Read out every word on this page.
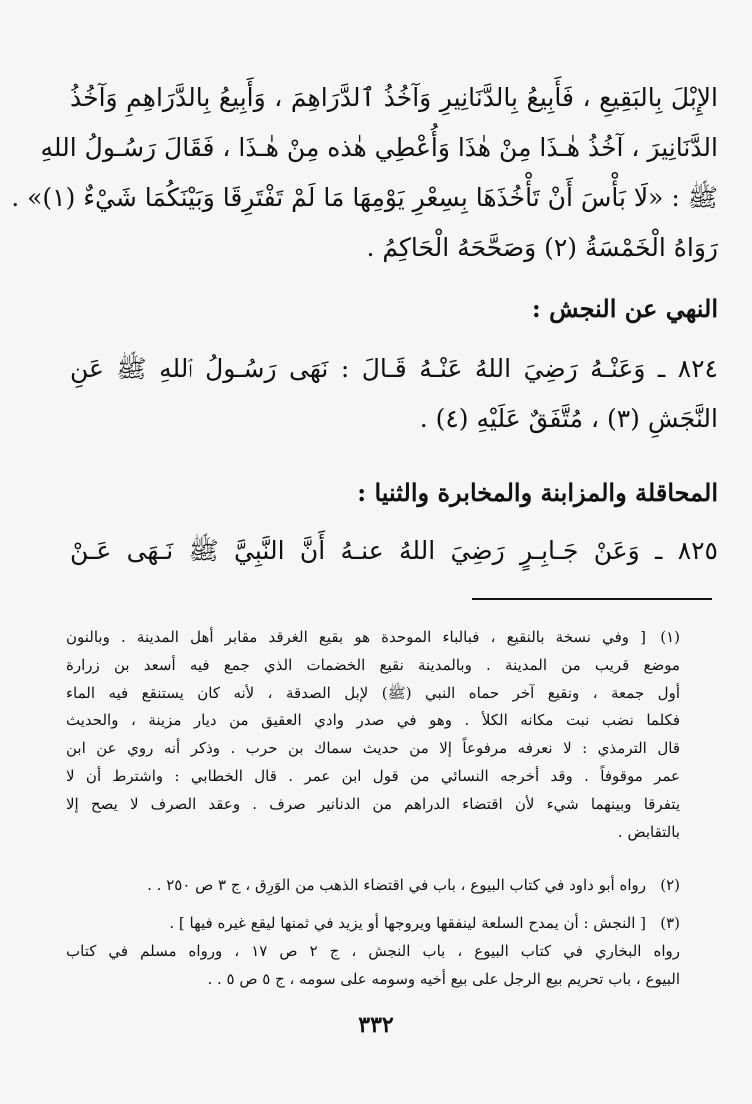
الإِبْلَ بِالبَقِيعِ ، فَأَبِيعُ بِالدَّنَانِيرِ وَآخُذُ ٱلدَّرَاهِمَ ، وَأَبِيعُ بِالدَّرَاهِمِ وَآخُذُ
الدَّنَانِيرَ ، آخُذُ هٰـذَا مِنْ هٰذَا وَأُعْطِي هٰذه مِنْ هٰـذَا ، فَقَالَ رَسُـولُ اللهِ
ﷺ : «لَا بَأْسَ أَنْ تَأْخُذَهَا بِسِعْرِ يَوْمِهَا مَا لَمْ تَفْتَرِقَا وَبَيْنَكُمَا شَيْءٌ (١)» .
رَوَاهُ الْخَمْسَةُ (٢) وَصَحَّحَهُ الْحَاكِمُ .
النهي عن النجش :
٨٢٤ ـ وَعَنْـهُ رَضِيَ اللهُ عَنْـهُ قَـالَ : نَهَى رَسُـولُ ٱللهِ ﷺ عَنِ
النَّجَشِ (٣) ، مُتَّفَقٌ عَلَيْهِ (٤) .
المحاقلة والمزابنة والمخابرة والثنيا :
٨٢٥ ـ وَعَنْ جَـابِـرٍ رَضِيَ اللهُ عنـهُ أَنَّ النَّبِيَّ ﷺ نَـهَى عَـنْ
(١)
[ وفي نسخة بالنقيع ، فبالباء الموحدة هو بقيع الغرقد مقابر أهل المدينة . وبالنون
موضع قريب من المدينة . وبالمدينة نقيع الخضمات الذي جمع فيه أسعد بن زرارة
أول جمعة ، ونقيع آخر حماه النبي (ﷺ) لإبل الصدقة ، لأنه كان يستنقع فيه الماء
فكلما نضب نبت مكانه الكلأ . وهو في صدر وادي العقيق من ديار مزينة ، والحديث
قال الترمذي : لا نعرفه مرفوعاً إلا من حديث سماك بن حرب . وذكر أنه روي عن ابن
عمر موقوفاً . وقد أخرجه النسائي من قول ابن عمر . قال الخطابي : واشترط أن لا
يتفرقا وبينهما شيء لأن اقتضاء الدراهم من الدنانير صرف . وعقد الصرف لا يصح إلا
بالتقابض .
(٢)
رواه أبو داود في كتاب البيوع ، باب في اقتضاء الذهب من الوَرِق ، ج ٣ ص ٢٥٠ . .
(٣)
[ النجش : أن يمدح السلعة لينفقها ويروجها أو يزيد في ثمنها ليقع غيره فيها ] .
رواه البخاري في كتاب البيوع ، باب النجش ، ج ٢ ص ١٧ ، ورواه مسلم في كتاب
البيوع ، باب تحريم بيع الرجل على بيع أخيه وسومه على سومه ، ج ٥ ص ٥ . .
٣٣٢
